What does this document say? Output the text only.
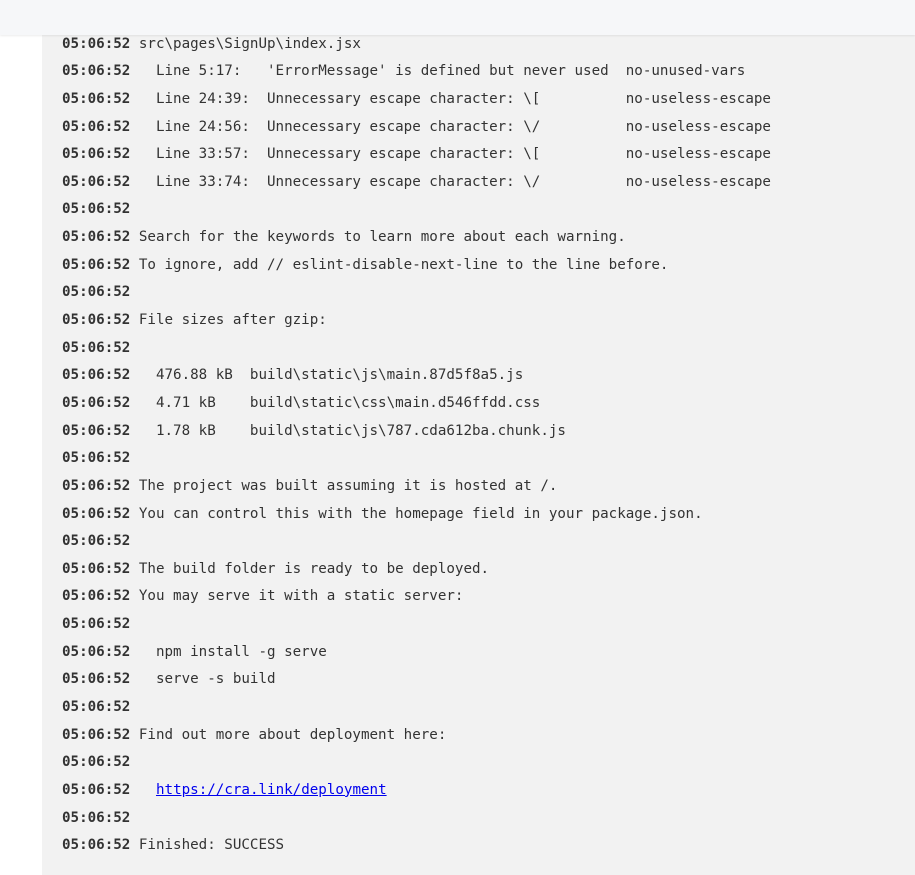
05:06:52 src\pages\SignUp\index.jsx
05:06:52   Line 5:17:   'ErrorMessage' is defined but never used  no-unused-vars
05:06:52   Line 24:39:  Unnecessary escape character: \[          no-useless-escape
05:06:52   Line 24:56:  Unnecessary escape character: \/          no-useless-escape
05:06:52   Line 33:57:  Unnecessary escape character: \[          no-useless-escape
05:06:52   Line 33:74:  Unnecessary escape character: \/          no-useless-escape
05:06:52
05:06:52 Search for the keywords to learn more about each warning.
05:06:52 To ignore, add // eslint-disable-next-line to the line before.
05:06:52
05:06:52 File sizes after gzip:
05:06:52
05:06:52   476.88 kB  build\static\js\main.87d5f8a5.js
05:06:52   4.71 kB    build\static\css\main.d546ffdd.css
05:06:52   1.78 kB    build\static\js\787.cda612ba.chunk.js
05:06:52
05:06:52 The project was built assuming it is hosted at /.
05:06:52 You can control this with the homepage field in your package.json.
05:06:52
05:06:52 The build folder is ready to be deployed.
05:06:52 You may serve it with a static server:
05:06:52
05:06:52   npm install -g serve
05:06:52   serve -s build
05:06:52
05:06:52 Find out more about deployment here:
05:06:52
05:06:52 https://cra.link/deployment
05:06:52
05:06:52 Finished: SUCCESS
